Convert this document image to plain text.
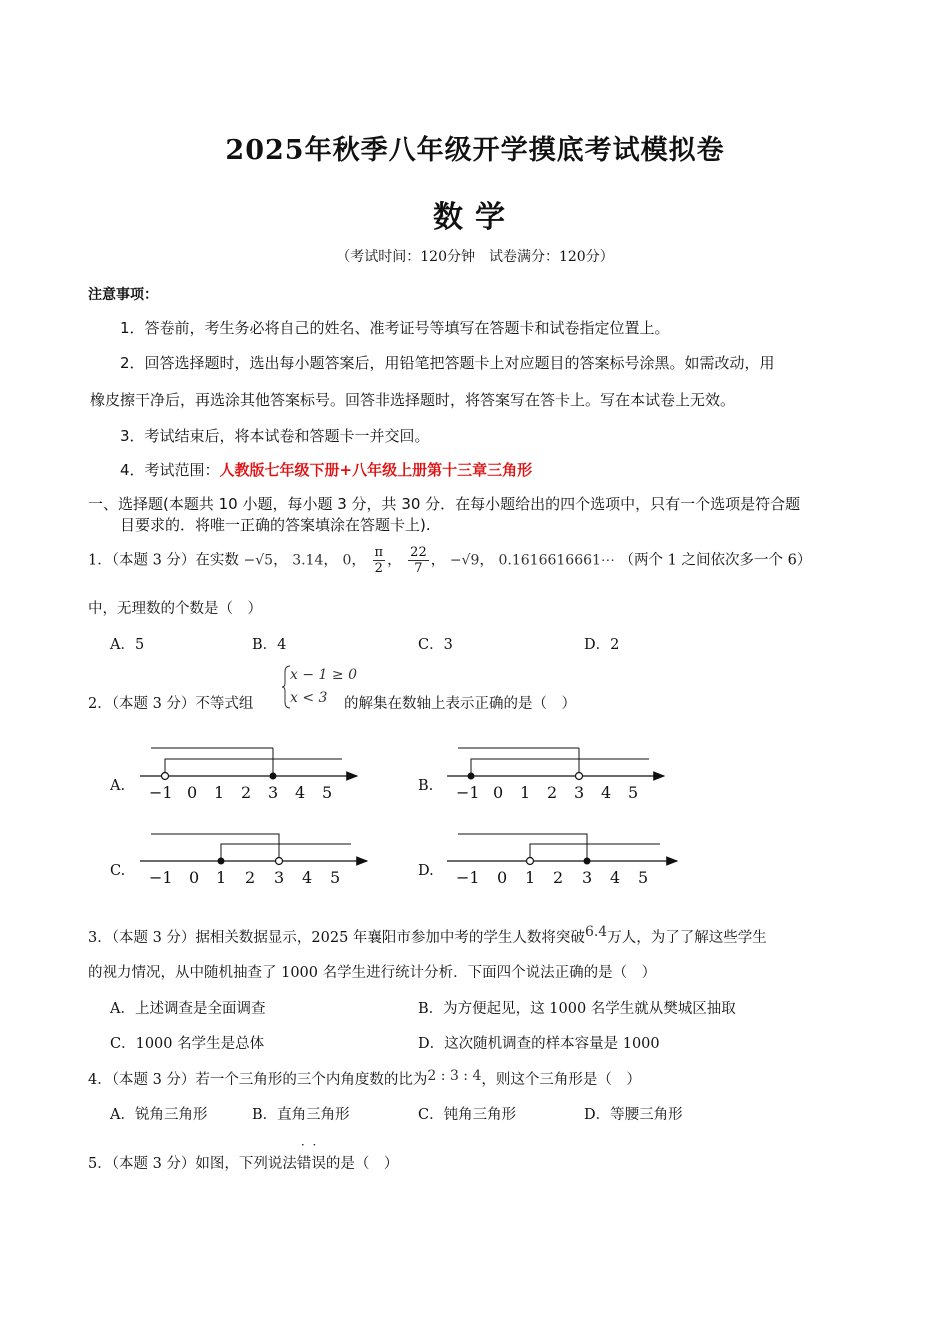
2025年秋季八年级开学摸底考试模拟卷
数学
（考试时间：120分钟　试卷满分：120分）
注意事项：
1．答卷前，考生务必将自己的姓名、准考证号等填写在答题卡和试卷指定位置上。
2．回答选择题时，选出每小题答案后，用铅笔把答题卡上对应题目的答案标号涂黑。如需改动，用
橡皮擦干净后，再选涂其他答案标号。回答非选择题时，将答案写在答卡上。写在本试卷上无效。
3．考试结束后，将本试卷和答题卡一并交回。
4．考试范围：人教版七年级下册+八年级上册第十三章三角形
一、选择题(本题共 10 小题，每小题 3 分，共 30 分．在每小题给出的四个选项中，只有一个选项是符合题
目要求的．将唯一正确的答案填涂在答题卡上).
1．（本题 3 分）在实数 −√5， 3.14， 0， $\frac{\pi}{2}$ ， $\frac{22}{7}$ ， −√9， 0.1616616661⋯ （两个 1 之间依次多一个 6）
中，无理数的个数是（　）
A．5	B．4	C．3	D．2
2．（本题 3 分）不等式组
x − 1 ≥ 0
x < 3 的解集在数轴上表示正确的是（　）
A.	B.
C.	D.
−1 0 1 2 3 4 5	−1 0 1 2 3 4 5
−1 0 1 2 3 4 5	−1 0 1 2 3 4 5
3．（本题 3 分）据相关数据显示，2025 年襄阳市参加中考的学生人数将突破6.4万人，为了了解这些学生
的视力情况，从中随机抽查了 1000 名学生进行统计分析．下面四个说法正确的是（　）
A．上述调查是全面调查	B．为方便起见，这 1000 名学生就从樊城区抽取
C．1000 名学生是总体	D．这次随机调查的样本容量是 1000
4．（本题 3 分）若一个三角形的三个内角度数的比为2 : 3 : 4，则这个三角形是（　）
A．锐角三角形	B．直角三角形	C．钝角三角形	D．等腰三角形
5．（本题 3 分）如图，下列说法· · 错误的是（　）
